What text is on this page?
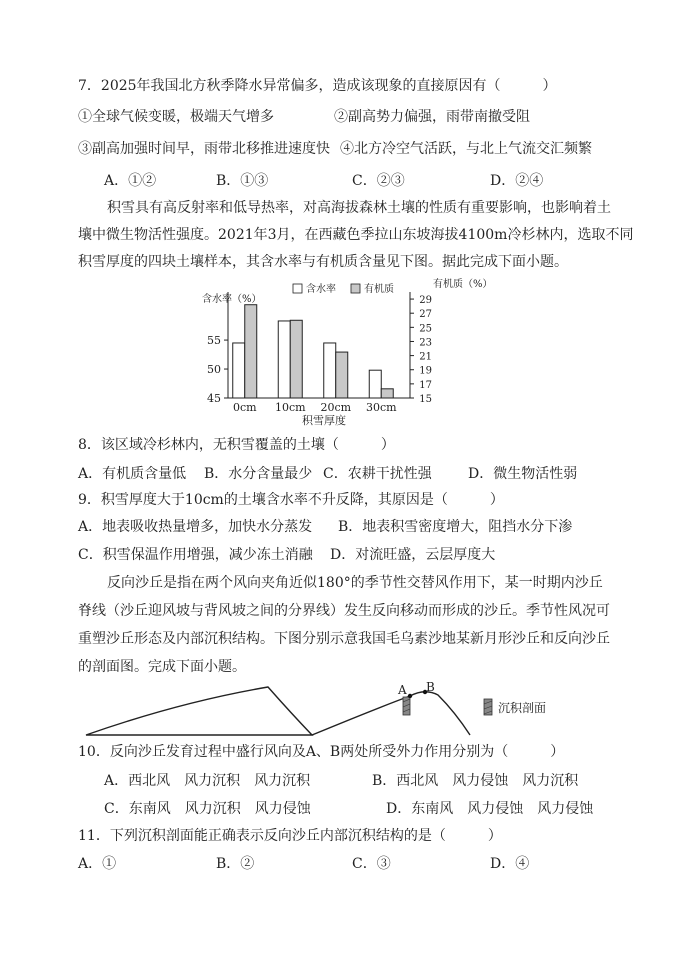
7．2025年我国北方秋季降水异常偏多，造成该现象的直接原因有（　　　）
①全球气候变暖，极端天气增多	②副高势力偏强，雨带南撤受阻
③副高加强时间早，雨带北移推进速度快 ④北方冷空气活跃，与北上气流交汇频繁
A．①②	B．①③	C．②③	D．②④
积雪具有高反射率和低导热率，对高海拔森林土壤的性质有重要影响，也影响着土
壤中微生物活性强度。2021年3月，在西藏色季拉山东坡海拔4100m冷杉林内，选取不同
积雪厚度的四块土壤样本，其含水率与有机质含量见下图。据此完成下面小题。
45
50
55
15
17
19
21
23
25
27
29
含水率（%）
有机质（%）
积雪厚度
含水率	有机质
0cm 10cm 20cm 30cm
8．该区域冷杉林内，无积雪覆盖的土壤（　　　）
A．有机质含量低 B．水分含量最少 C．农耕干扰性强	D．微生物活性弱
9．积雪厚度大于10cm的土壤含水率不升反降，其原因是（　　　）
A．地表吸收热量增多，加快水分蒸发 B．地表积雪密度增大，阻挡水分下渗
C．积雪保温作用增强，减少冻土消融 D．对流旺盛，云层厚度大
反向沙丘是指在两个风向夹角近似180°的季节性交替风作用下，某一时期内沙丘
脊线（沙丘迎风坡与背风坡之间的分界线）发生反向移动而形成的沙丘。季节性风况可
重塑沙丘形态及内部沉积结构。下图分别示意我国毛乌素沙地某新月形沙丘和反向沙丘
的剖面图。完成下面小题。
A B
沉积剖面
10．反向沙丘发育过程中盛行风向及A、B两处所受外力作用分别为（　　　）
A．西北风　风力沉积　风力沉积	B．西北风　风力侵蚀　风力沉积
C．东南风　风力沉积　风力侵蚀	D．东南风　风力侵蚀　风力侵蚀
11．下列沉积剖面能正确表示反向沙丘内部沉积结构的是（　　　）
A．①	B．②	C．③	D．④
